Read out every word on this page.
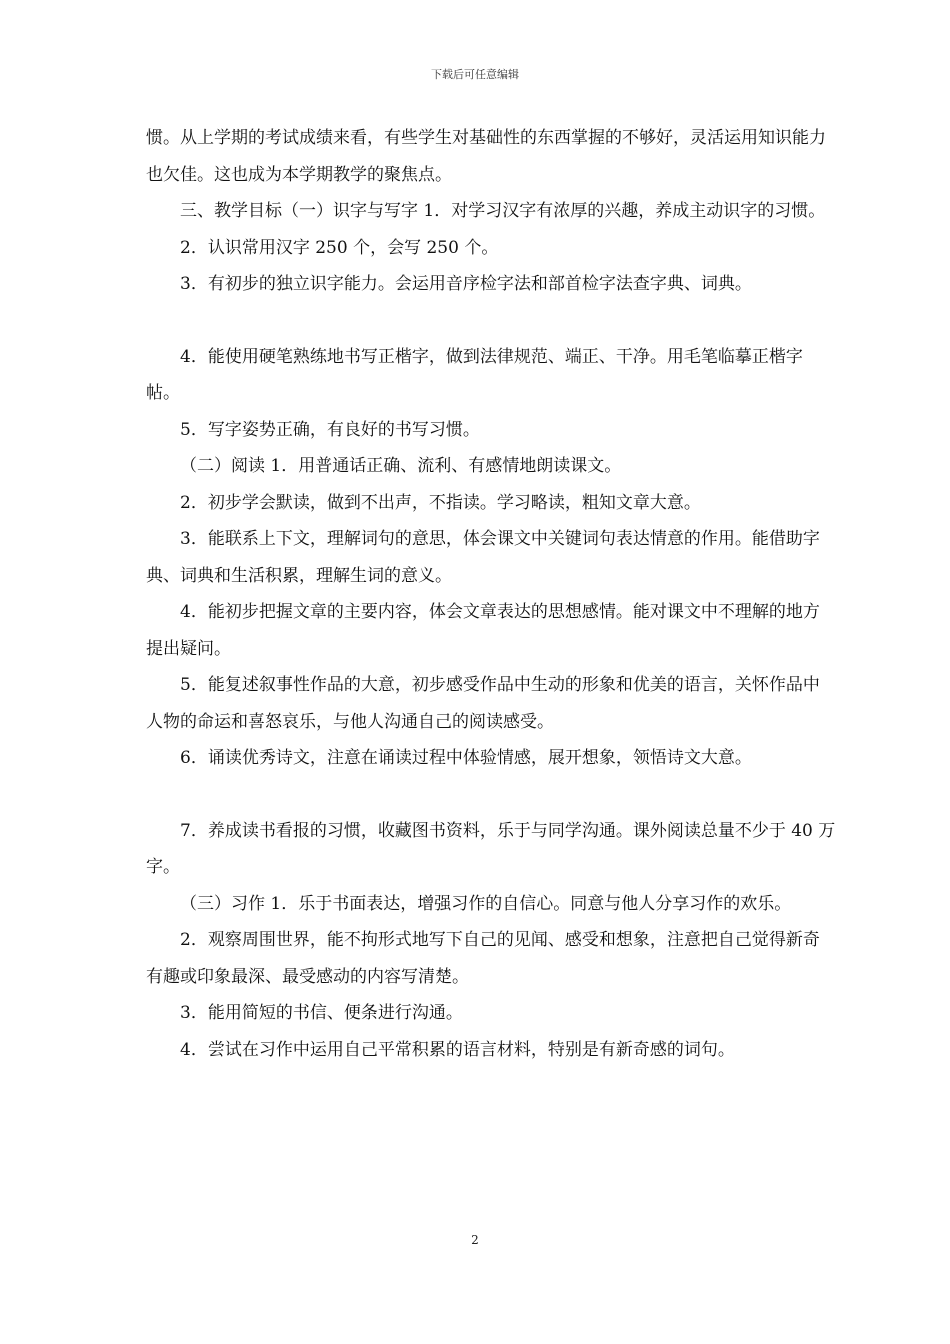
下载后可任意编辑

惯。从上学期的考试成绩来看，有些学生对基础性的东西掌握的不够好，灵活运用知识能力也欠佳。这也成为本学期教学的聚焦点。

三、教学目标（一）识字与写字 1．对学习汉字有浓厚的兴趣，养成主动识字的习惯。

2．认识常用汉字 250 个，会写 250 个。

3．有初步的独立识字能力。会运用音序检字法和部首检字法查字典、词典。

4．能使用硬笔熟练地书写正楷字，做到法律规范、端正、干净。用毛笔临摹正楷字帖。

5．写字姿势正确，有良好的书写习惯。

（二）阅读 1．用普通话正确、流利、有感情地朗读课文。

2．初步学会默读，做到不出声，不指读。学习略读，粗知文章大意。

3．能联系上下文，理解词句的意思，体会课文中关键词句表达情意的作用。能借助字典、词典和生活积累，理解生词的意义。

4．能初步把握文章的主要内容，体会文章表达的思想感情。能对课文中不理解的地方提出疑问。

5．能复述叙事性作品的大意，初步感受作品中生动的形象和优美的语言，关怀作品中人物的命运和喜怒哀乐，与他人沟通自己的阅读感受。

6．诵读优秀诗文，注意在诵读过程中体验情感，展开想象，领悟诗文大意。

7．养成读书看报的习惯，收藏图书资料，乐于与同学沟通。课外阅读总量不少于 40 万字。

（三）习作 1．乐于书面表达，增强习作的自信心。同意与他人分享习作的欢乐。

2．观察周围世界，能不拘形式地写下自己的见闻、感受和想象，注意把自己觉得新奇有趣或印象最深、最受感动的内容写清楚。

3．能用简短的书信、便条进行沟通。

4．尝试在习作中运用自己平常积累的语言材料，特别是有新奇感的词句。

2
